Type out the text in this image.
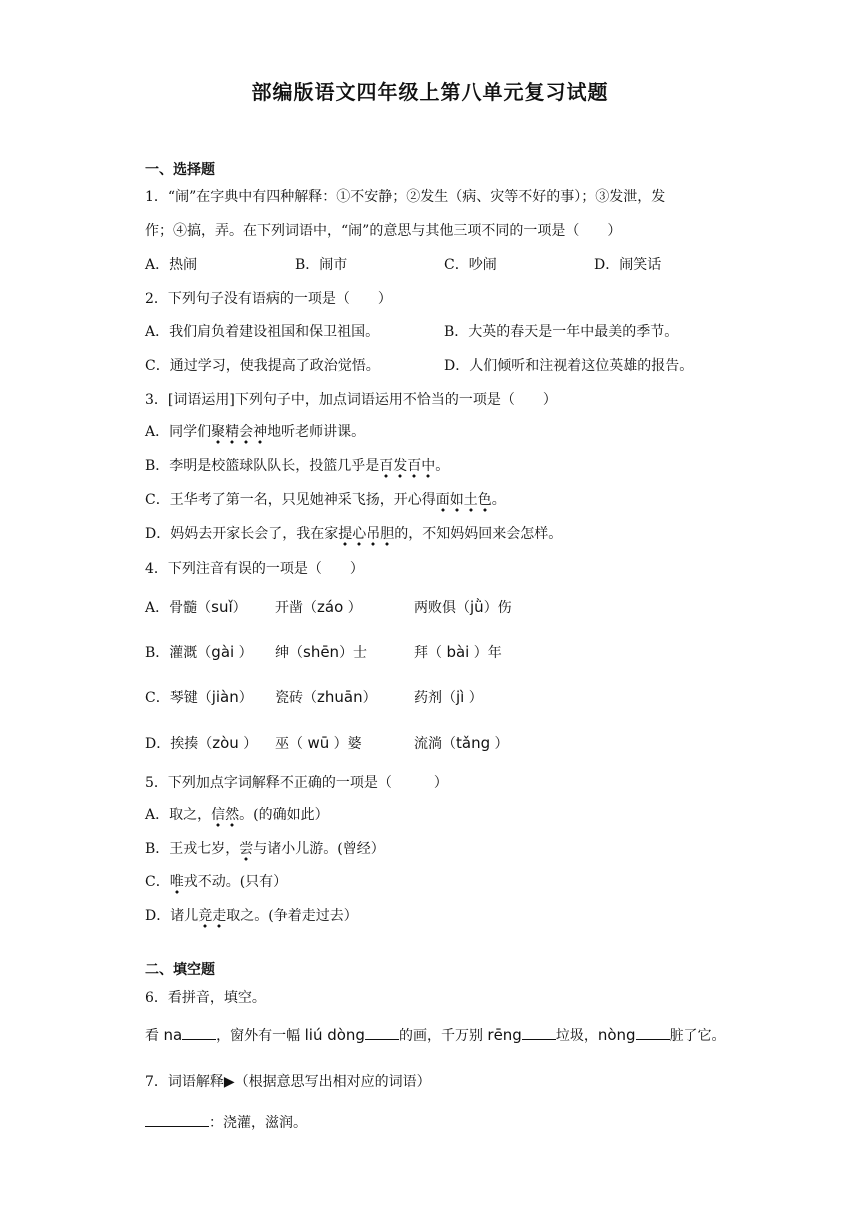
部编版语文四年级上第八单元复习试题
一、选择题
1．“闹”在字典中有四种解释：①不安静；②发生（病、灾等不好的事）；③发泄，发
作；④搞，弄。在下列词语中，“闹”的意思与其他三项不同的一项是（　　）
A．热闹	B．闹市	C．吵闹	D．闹笑话
2．下列句子没有语病的一项是（　　）
A．我们肩负着建设祖国和保卫祖国。	B．大英的春天是一年中最美的季节。
C．通过学习，使我提高了政治觉悟。	D．人们倾听和注视着这位英雄的报告。
3．[词语运用]下列句子中，加点词语运用不恰当的一项是（　　）
A．同学们聚精会神地听老师讲课。
B．李明是校篮球队队长，投篮几乎是百发百中。
C．王华考了第一名，只见她神采飞扬，开心得面如土色。
D．妈妈去开家长会了，我在家提心吊胆的，不知妈妈回来会怎样。
4．下列注音有误的一项是（　　）
A．骨髓（suǐ） 开凿（záo ）	两败俱（jǜ）伤
B．灌溉（gài ） 绅（shēn）士	拜（ bài ）年
C．琴键（jiàn） 瓷砖（zhuān）	药剂（jì ）
D．挨揍（zòu ） 巫（ wū ）婆	流淌（tǎng ）
5．下列加点字词解释不正确的一项是（　　　）
A．取之，信然。(的确如此）
B．王戎七岁，尝与诸小儿游。(曾经）
C．唯戎不动。(只有）
D．诸儿竞走取之。(争着走过去）
二、填空题
6．看拼音，填空。
看 na ，窗外有一幅 liú dòng 的画，千万别 rēng 垃圾，nòng 脏了它。
7．词语解释▶（根据意思写出相对应的词语）
：浇灌，滋润。
